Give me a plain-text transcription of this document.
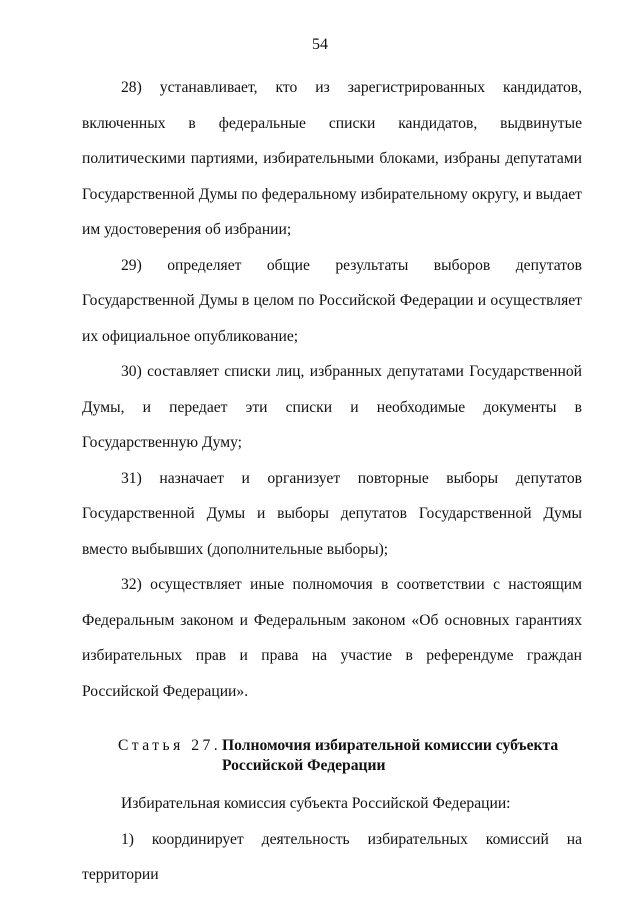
54

28) устанавливает, кто из зарегистрированных кандидатов, включенных в федеральные списки кандидатов, выдвинутые политическими партиями, избирательными блоками, избраны депутатами Государственной Думы по федеральному избирательному округу, и выдает им удостоверения об избрании;

29) определяет общие результаты выборов депутатов Государственной Думы в целом по Российской Федерации и осуществляет их официальное опубликование;

30) составляет списки лиц, избранных депутатами Государственной Думы, и передает эти списки и необходимые документы в Государственную Думу;

31) назначает и организует повторные выборы депутатов Государственной Думы и выборы депутатов Государственной Думы вместо выбывших (дополнительные выборы);

32) осуществляет иные полномочия в соответствии с настоящим Федеральным законом и Федеральным законом «Об основных гарантиях избирательных прав и права на участие в референдуме граждан Российской Федерации».

Статья 27. Полномочия избирательной комиссии субъекта Российской Федерации

Избирательная комиссия субъекта Российской Федерации:

1) координирует деятельность избирательных комиссий на территории
